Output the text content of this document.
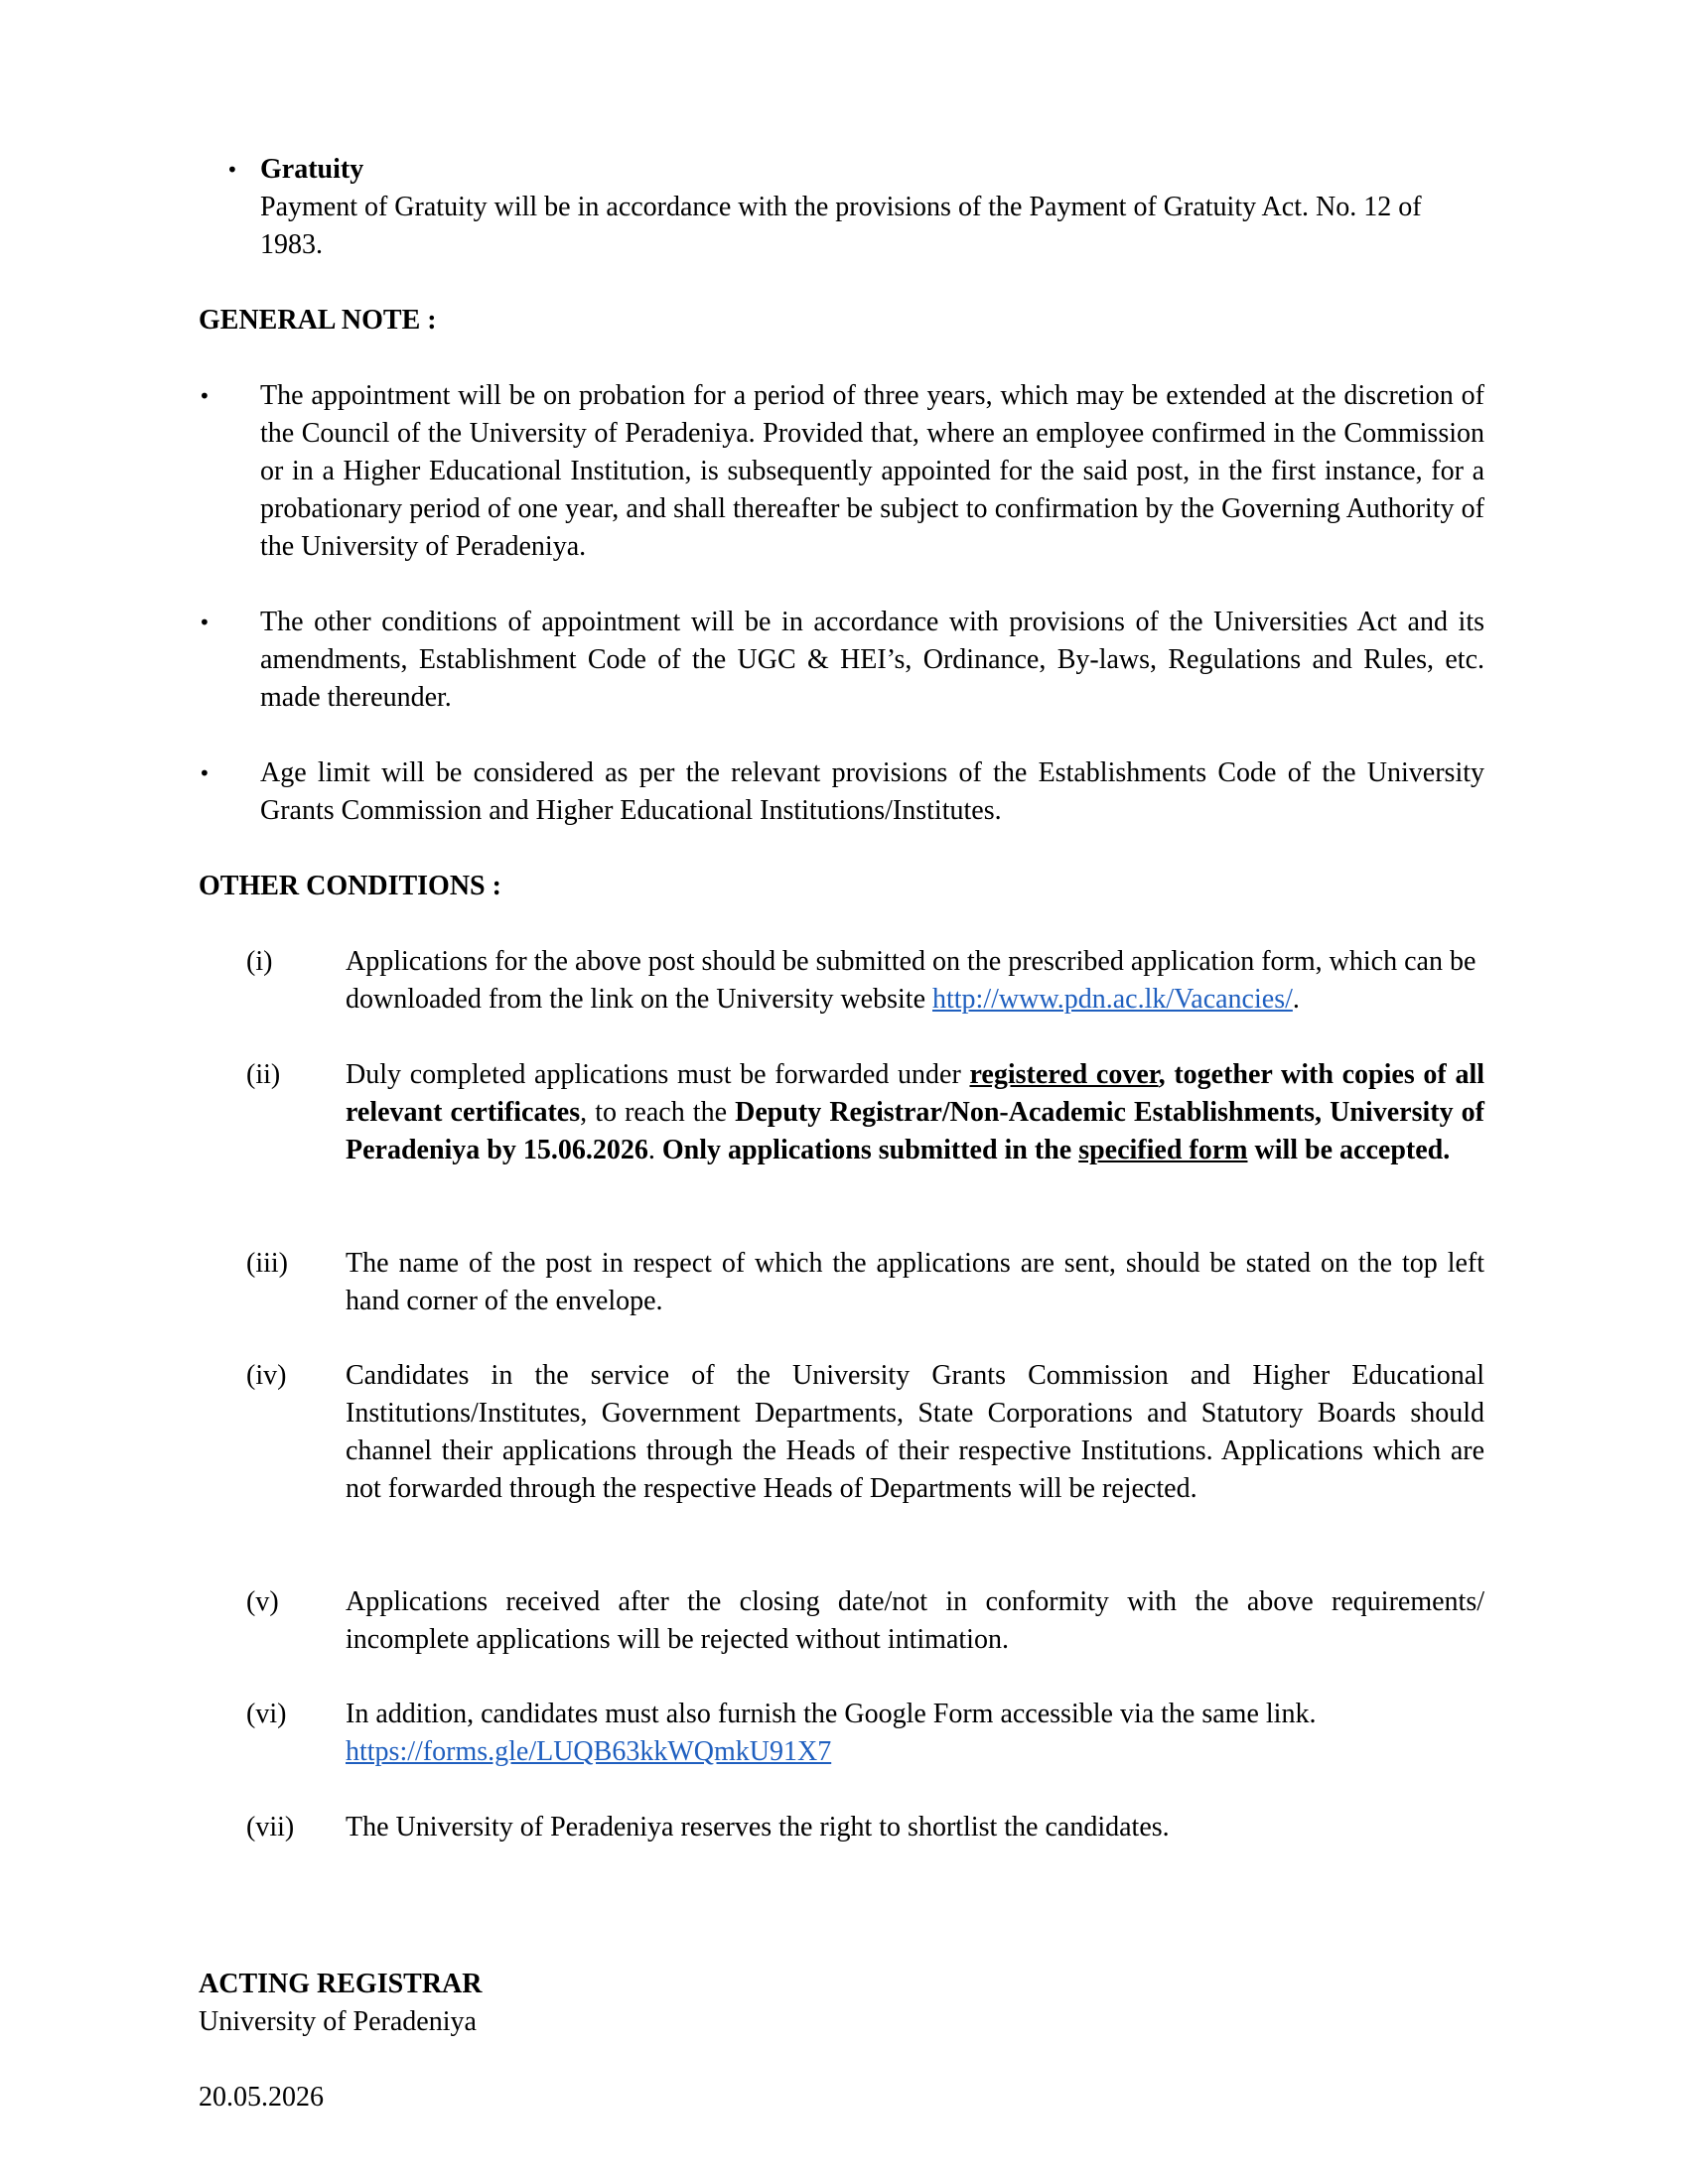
• Gratuity
Payment of Gratuity will be in accordance with the provisions of the Payment of Gratuity Act. No. 12 of 1983.
GENERAL NOTE :
•	The appointment will be on probation for a period of three years, which may be extended at the discretion of the Council of the University of Peradeniya. Provided that, where an employee confirmed in the Commission or in a Higher Educational Institution, is subsequently appointed for the said post, in the first instance, for a probationary period of one year, and shall thereafter be subject to confirmation by the Governing Authority of the University of Peradeniya.
•	The other conditions of appointment will be in accordance with provisions of the Universities Act and its amendments, Establishment Code of the UGC & HEI’s, Ordinance, By-laws, Regulations and Rules, etc. made thereunder.
•	Age limit will be considered as per the relevant provisions of the Establishments Code of the University Grants Commission and Higher Educational Institutions/Institutes.
OTHER CONDITIONS :
(i)	Applications for the above post should be submitted on the prescribed application form, which can be downloaded from the link on the University website http://www.pdn.ac.lk/Vacancies/.
(ii)	Duly completed applications must be forwarded under registered cover, together with copies of all relevant certificates, to reach the Deputy Registrar/Non-Academic Establishments, University of Peradeniya by 15.06.2026. Only applications submitted in the specified form will be accepted.
(iii)	The name of the post in respect of which the applications are sent, should be stated on the top left hand corner of the envelope.
(iv)	Candidates in the service of the University Grants Commission and Higher Educational Institutions/Institutes, Government Departments, State Corporations and Statutory Boards should channel their applications through the Heads of their respective Institutions. Applications which are not forwarded through the respective Heads of Departments will be rejected.
(v)	Applications received after the closing date/not in conformity with the above requirements/ incomplete applications will be rejected without intimation.
(vi)	In addition, candidates must also furnish the Google Form accessible via the same link.
https://forms.gle/LUQB63kkWQmkU91X7
(vii)	The University of Peradeniya reserves the right to shortlist the candidates.
ACTING REGISTRAR
University of Peradeniya
20.05.2026
